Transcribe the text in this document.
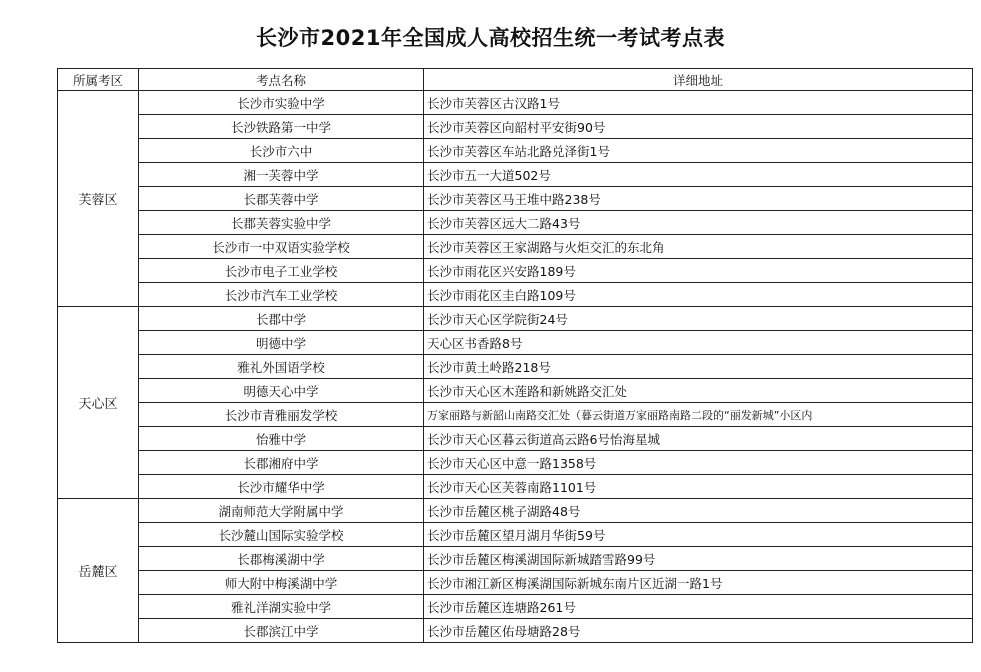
长沙市2021年全国成人高校招生统一考试考点表
所属考区	考点名称	详细地址
芙蓉区	长沙市实验中学	长沙市芙蓉区古汉路1号
	长沙铁路第一中学	长沙市芙蓉区向韶村平安街90号
	长沙市六中	长沙市芙蓉区车站北路兑泽街1号
	湘一芙蓉中学	长沙市五一大道502号
	长郡芙蓉中学	长沙市芙蓉区马王堆中路238号
	长郡芙蓉实验中学	长沙市芙蓉区远大二路43号
	长沙市一中双语实验学校	长沙市芙蓉区王家湖路与火炬交汇的东北角
	长沙市电子工业学校	长沙市雨花区兴安路189号
	长沙市汽车工业学校	长沙市雨花区圭白路109号
天心区	长郡中学	长沙市天心区学院街24号
	明德中学	天心区书香路8号
	雅礼外国语学校	长沙市黄土岭路218号
	明德天心中学	长沙市天心区木莲路和新姚路交汇处
	长沙市青雅丽发学校	万家丽路与新韶山南路交汇处（暮云街道万家丽路南路二段的“丽发新城”小区内
	怡雅中学	长沙市天心区暮云街道高云路6号怡海星城
	长郡湘府中学	长沙市天心区中意一路1358号
	长沙市耀华中学	长沙市天心区芙蓉南路1101号
岳麓区	湖南师范大学附属中学	长沙市岳麓区桃子湖路48号
	长沙麓山国际实验学校	长沙市岳麓区望月湖月华街59号
	长郡梅溪湖中学	长沙市岳麓区梅溪湖国际新城踏雪路99号
	师大附中梅溪湖中学	长沙市湘江新区梅溪湖国际新城东南片区近湖一路1号
	雅礼洋湖实验中学	长沙市岳麓区连塘路261号
	长郡滨江中学	长沙市岳麓区佑母塘路28号
